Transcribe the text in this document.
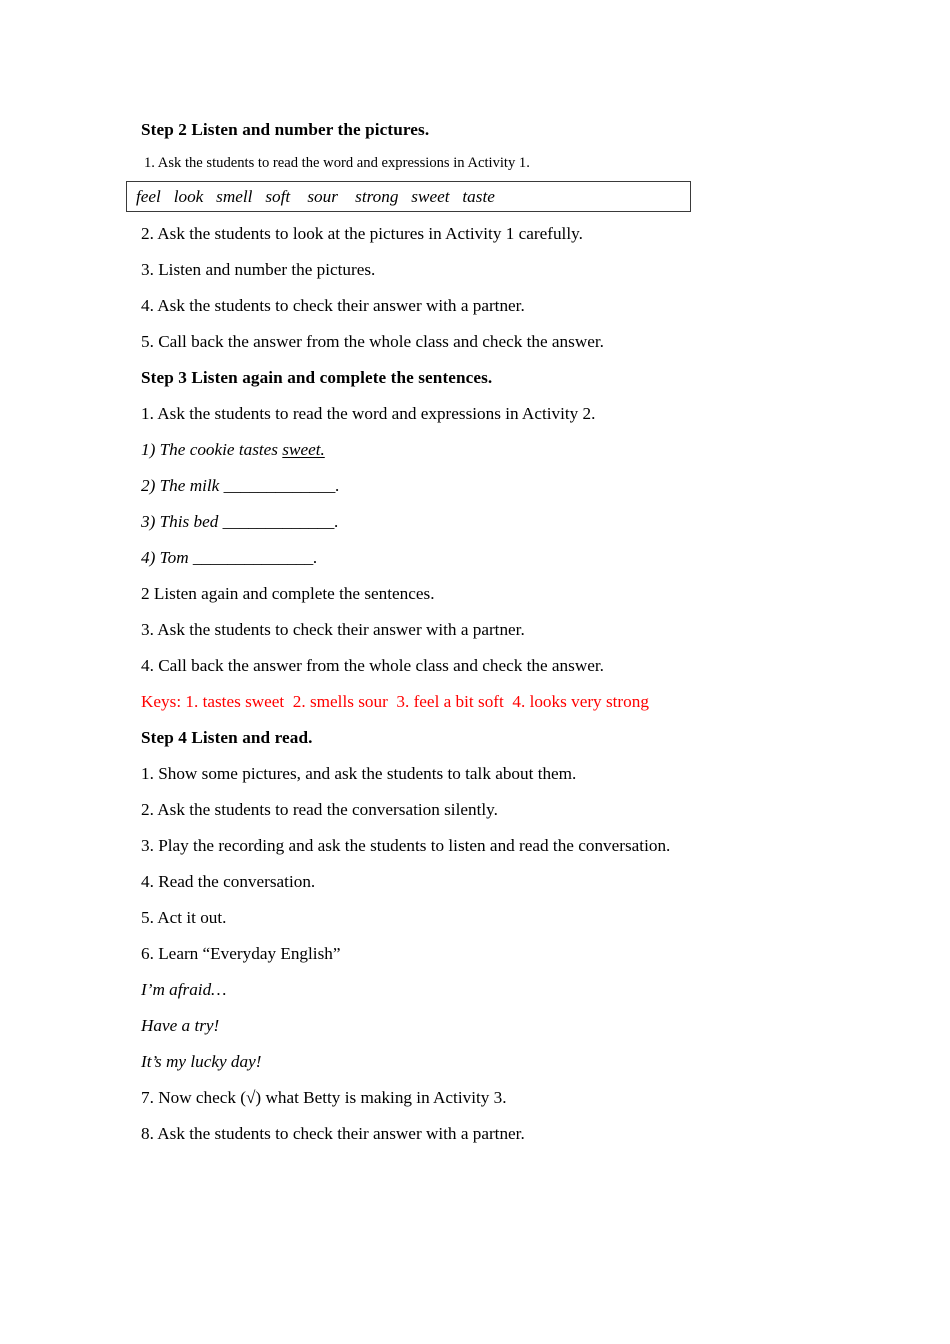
Step 2 Listen and number the pictures.
1. Ask the students to read the word and expressions in Activity 1.
feel   look   smell   soft    sour    strong   sweet   taste
2. Ask the students to look at the pictures in Activity 1 carefully.
3. Listen and number the pictures.
4. Ask the students to check their answer with a partner.
5. Call back the answer from the whole class and check the answer.
Step 3 Listen again and complete the sentences.
1. Ask the students to read the word and expressions in Activity 2.
1) The cookie tastes sweet.
2) The milk _____________.
3) This bed _____________.
4) Tom ______________.
2 Listen again and complete the sentences.
3. Ask the students to check their answer with a partner.
4. Call back the answer from the whole class and check the answer.
Keys: 1. tastes sweet  2. smells sour  3. feel a bit soft  4. looks very strong
Step 4 Listen and read.
1. Show some pictures, and ask the students to talk about them.
2. Ask the students to read the conversation silently.
3. Play the recording and ask the students to listen and read the conversation.
4. Read the conversation.
5. Act it out.
6. Learn “Everyday English”
I’m afraid…
Have a try!
It’s my lucky day!
7. Now check (√) what Betty is making in Activity 3.
8. Ask the students to check their answer with a partner.
